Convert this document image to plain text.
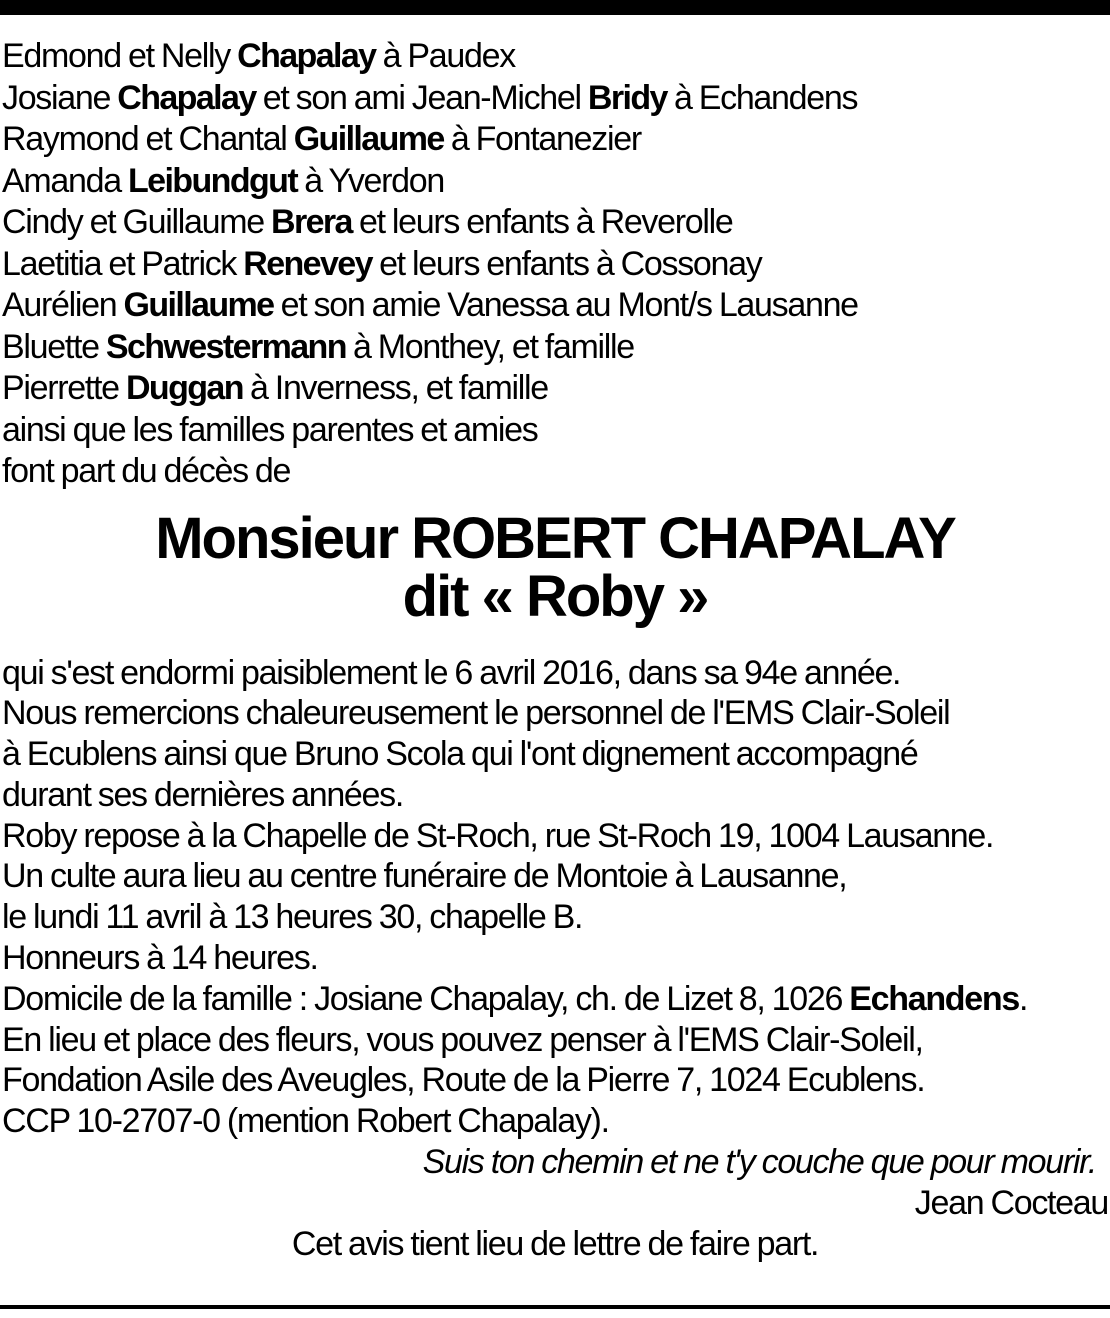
Edmond et Nelly Chapalay à Paudex
Josiane Chapalay et son ami Jean-Michel Bridy à Echandens
Raymond et Chantal Guillaume à Fontanezier
Amanda Leibundgut à Yverdon
Cindy et Guillaume Brera et leurs enfants à Reverolle
Laetitia et Patrick Renevey et leurs enfants à Cossonay
Aurélien Guillaume et son amie Vanessa au Mont/s Lausanne
Bluette Schwestermann à Monthey, et famille
Pierrette Duggan à Inverness, et famille
ainsi que les familles parentes et amies
font part du décès de
Monsieur ROBERT CHAPALAY
dit « Roby »
qui s'est endormi paisiblement le 6 avril 2016, dans sa 94e année.
Nous remercions chaleureusement le personnel de l'EMS Clair-Soleil
à Ecublens ainsi que Bruno Scola qui l'ont dignement accompagné
durant ses dernières années.
Roby repose à la Chapelle de St-Roch, rue St-Roch 19, 1004 Lausanne.
Un culte aura lieu au centre funéraire de Montoie à Lausanne,
le lundi 11 avril à 13 heures 30, chapelle B.
Honneurs à 14 heures.
Domicile de la famille : Josiane Chapalay, ch. de Lizet 8, 1026 Echandens.
En lieu et place des fleurs, vous pouvez penser à l'EMS Clair-Soleil,
Fondation Asile des Aveugles, Route de la Pierre 7, 1024 Ecublens.
CCP 10-2707-0 (mention Robert Chapalay).
Suis ton chemin et ne t'y couche que pour mourir.
Jean Cocteau
Cet avis tient lieu de lettre de faire part.
